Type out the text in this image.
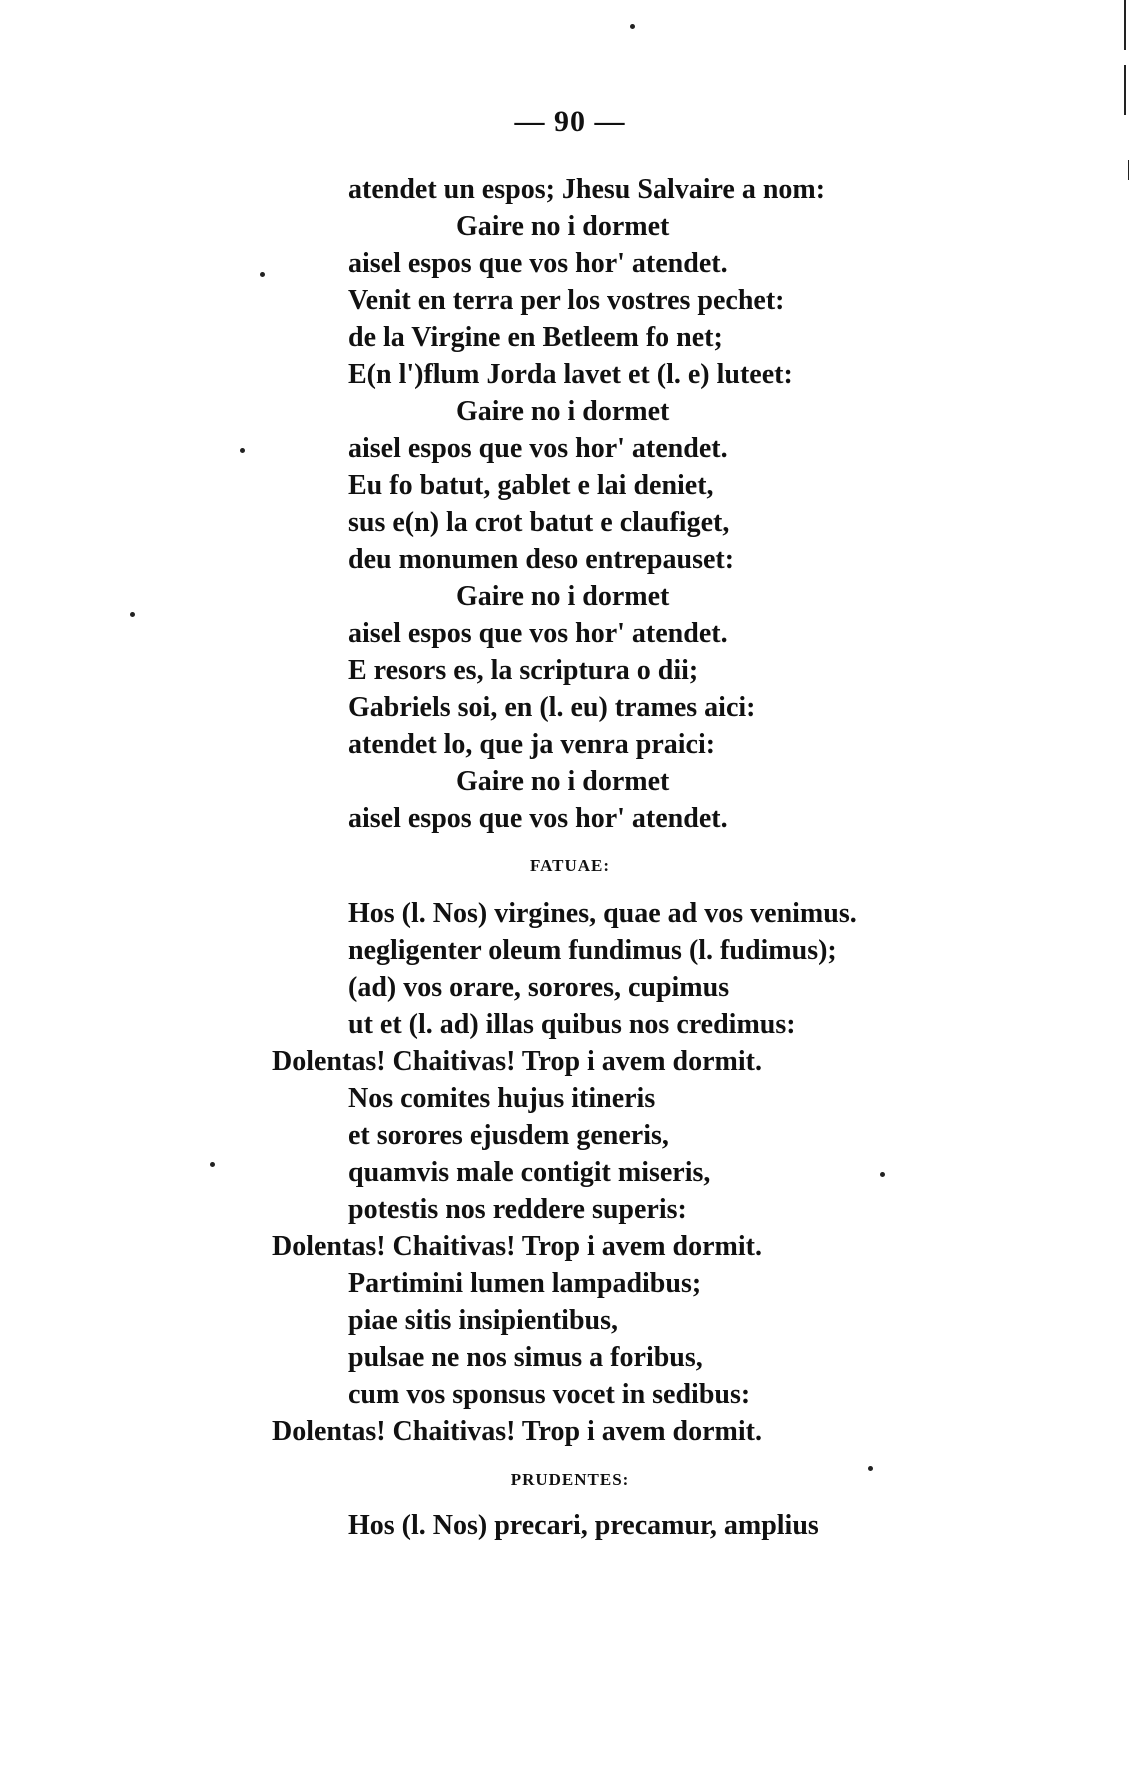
— 90 —
atendet un espos; Jhesu Salvaire a nom:
Gaire no i dormet
aisel espos que vos hor' atendet.
Venit en terra per los vostres pechet:
de la Virgine en Betleem fo net;
E(n l')flum Jorda lavet et (l. e) luteet:
Gaire no i dormet
aisel espos que vos hor' atendet.
Eu fo batut, gablet e lai deniet,
sus e(n) la crot batut e claufiget,
deu monumen deso entrepauset:
Gaire no i dormet
aisel espos que vos hor' atendet.
E resors es, la scriptura o dii;
Gabriels soi, en (l. eu) trames aici:
atendet lo, que ja venra praici:
Gaire no i dormet
aisel espos que vos hor' atendet.
FATUAE:
Hos (l. Nos) virgines, quae ad vos venimus.
negligenter oleum fundimus (l. fudimus);
(ad) vos orare, sorores, cupimus
ut et (l. ad) illas quibus nos credimus:
Dolentas! Chaitivas! Trop i avem dormit.
Nos comites hujus itineris
et sorores ejusdem generis,
quamvis male contigit miseris,
potestis nos reddere superis:
Dolentas! Chaitivas! Trop i avem dormit.
Partimini lumen lampadibus;
piae sitis insipientibus,
pulsae ne nos simus a foribus,
cum vos sponsus vocet in sedibus:
Dolentas! Chaitivas! Trop i avem dormit.
PRUDENTES:
Hos (l. Nos) precari, precamur, amplius
